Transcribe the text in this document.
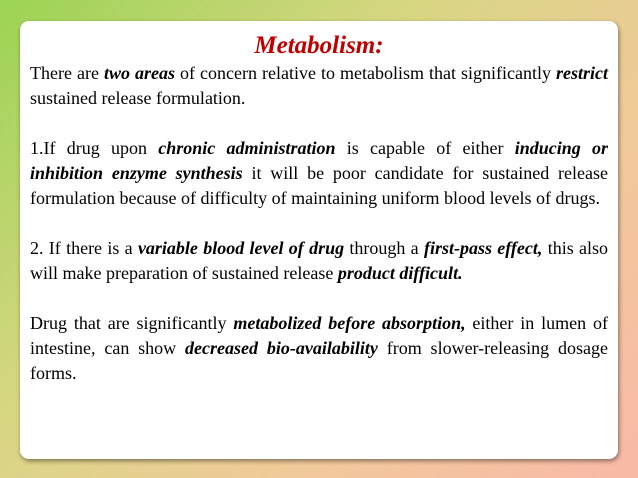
Metabolism:

There are two areas of concern relative to metabolism that significantly restrict sustained release formulation.

1.If drug upon chronic administration is capable of either inducing or inhibition enzyme synthesis it will be poor candidate for sustained release formulation because of difficulty of maintaining uniform blood levels of drugs.

2. If there is a variable blood level of drug through a first-pass effect, this also will make preparation of sustained release product difficult.

Drug that are significantly metabolized before absorption, either in lumen of intestine, can show decreased bio-availability from slower-releasing dosage forms.
